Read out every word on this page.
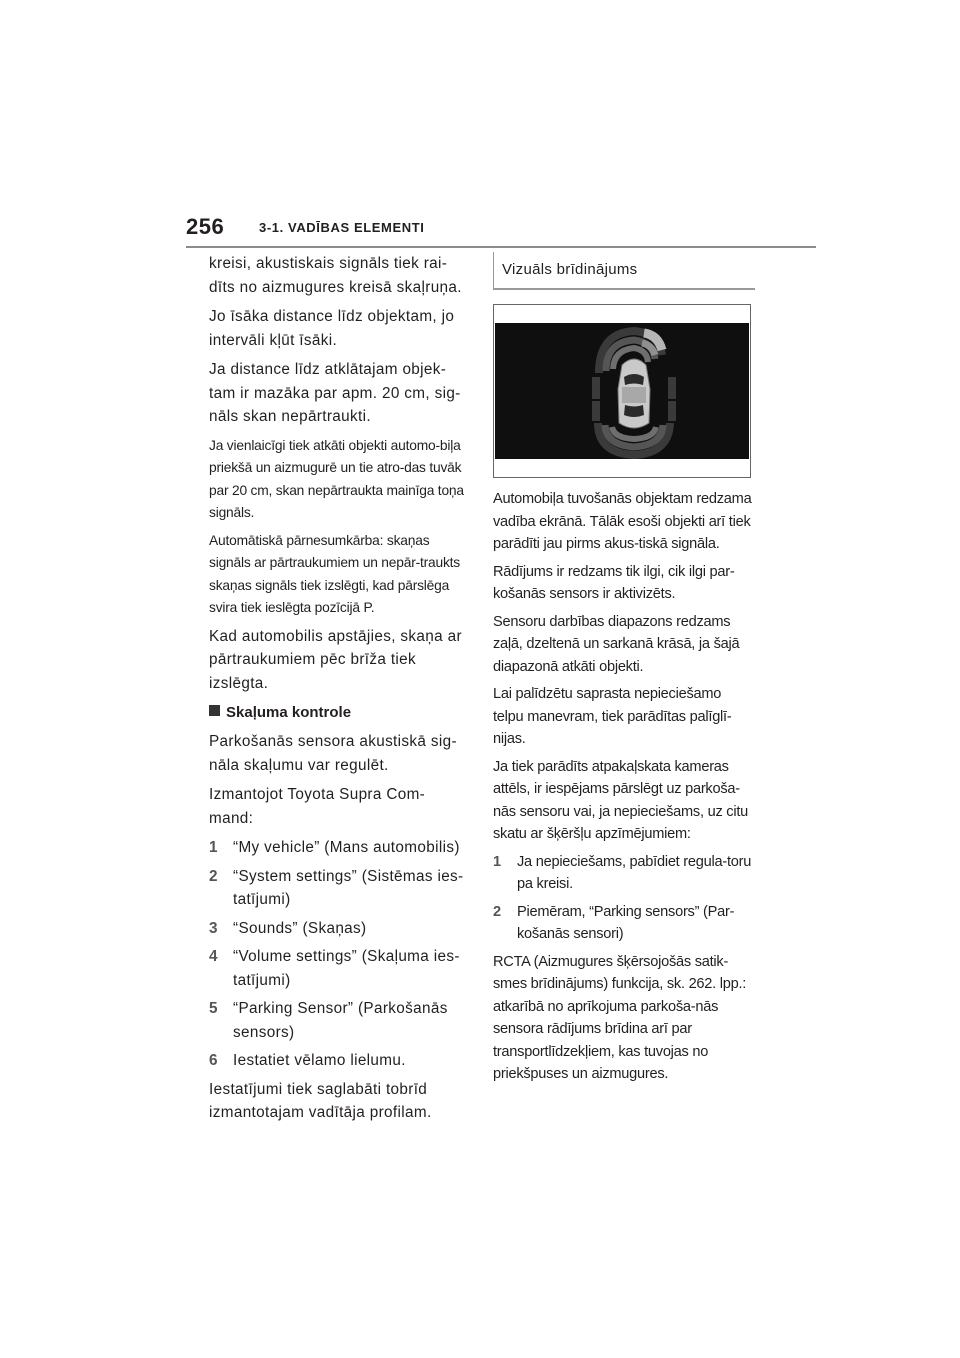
256	3-1. VADĪBAS ELEMENTI

kreisi, akustiskais signāls tiek rai-dīts no aizmugures kreisā skaļruņa.

Jo īsāka distance līdz objektam, jo intervāli kļūt īsāki.

Ja distance līdz atklātajam objek-tam ir mazāka par apm. 20 cm, sig-nāls skan nepārtraukti.

Ja vienlaicīgi tiek atkāti objekti automo-biļa priekšā un aizmugurē un tie atro-das tuvāk par 20 cm, skan nepārtraukta mainīga toņa signāls.

Automātiskā pārnesumkārba: skaņas signāls ar pārtraukumiem un nepār-traukts skaņas signāls tiek izslēgti, kad pārslēga svira tiek ieslēgta pozīcijā P.

Kad automobilis apstājies, skaņa ar pārtraukumiem pēc brīža tiek izslēgta.

Skaļuma kontrole

Parkošanās sensora akustiskā sig-nāla skaļumu var regulēt.

Izmantojot Toyota Supra Com-mand:

1 “My vehicle” (Mans automobilis)
2 “System settings” (Sistēmas ies-tatījumi)
3 “Sounds” (Skaņas)
4 “Volume settings” (Skaļuma ies-tatījumi)
5 “Parking Sensor” (Parkošanās sensors)
6 Iestatiet vēlamo lielumu.

Iestatījumi tiek saglabāti tobrīd izmantotajam vadītāja profilam.

Vizuāls brīdinājums

Automobiļa tuvošanās objektam redzama vadība ekrānā. Tālāk esoši objekti arī tiek parādīti jau pirms akus-tiskā signāla.

Rādījums ir redzams tik ilgi, cik ilgi par-košanās sensors ir aktivizēts.

Sensoru darbības diapazons redzams zaļā, dzeltenā un sarkanā krāsā, ja šajā diapazonā atkāti objekti.

Lai palīdzētu saprasta nepieciešamo telpu manevram, tiek parādītas palīglī-nijas.

Ja tiek parādīts atpakaļskata kameras attēls, ir iespējams pārslēgt uz parkoša-nās sensoru vai, ja nepieciešams, uz citu skatu ar šķēršļu apzīmējumiem:

1	Ja nepieciešams, pabīdiet regula-toru pa kreisi.
2	Piemēram, “Parking sensors” (Par-košanās sensori)

RCTA (Aizmugures šķērsojošās satik-smes brīdinājums) funkcija, sk. 262. lpp.: atkarībā no aprīkojuma parkoša-nās sensora rādījums brīdina arī par transportlīdzekļiem, kas tuvojas no priekšpuses un aizmugures.
